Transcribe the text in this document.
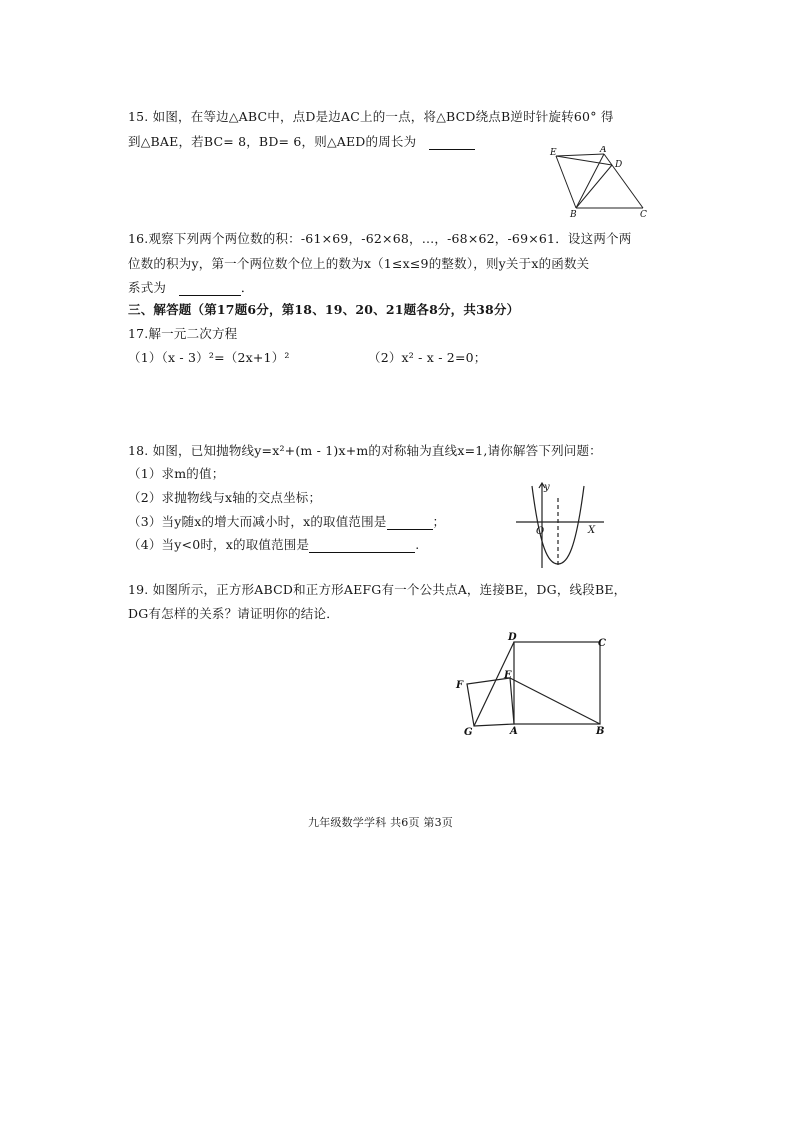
15. 如图，在等边△ABC中，点D是边AC上的一点，将△BCD绕点B逆时针旋转60° 得
到△BAE，若BC= 8，BD= 6，则△AED的周长为　
E	A
D
B	C
16.观察下列两个两位数的积：-61×69，-62×68，…，-68×62，-69×61．设这两个两
位数的积为y，第一个两位数个位上的数为x（1≤x≤9的整数），则y关于x的函数关
系式为　	．
三、解答题（第17题6分，第18、19、20、21题各8分，共38分）
17.解一元二次方程
（1）（x - 3）²=（2x+1）²	（2）x² - x - 2=0；
18. 如图，已知抛物线y=x²+(m - 1)x+m的对称轴为直线x=1,请你解答下列问题：
（1）求m的值；
（2）求抛物线与x轴的交点坐标；
（3）当y随x的增大而减小时，x的取值范围是	；
（4）当y<0时，x的取值范围是	.
y
O	X
19. 如图所示，正方形ABCD和正方形AEFG有一个公共点A，连接BE，DG，线段BE，
DG有怎样的关系？请证明你的结论．
D
C
E
F
G	A	B
九年级数学学科 共6页 第3页
